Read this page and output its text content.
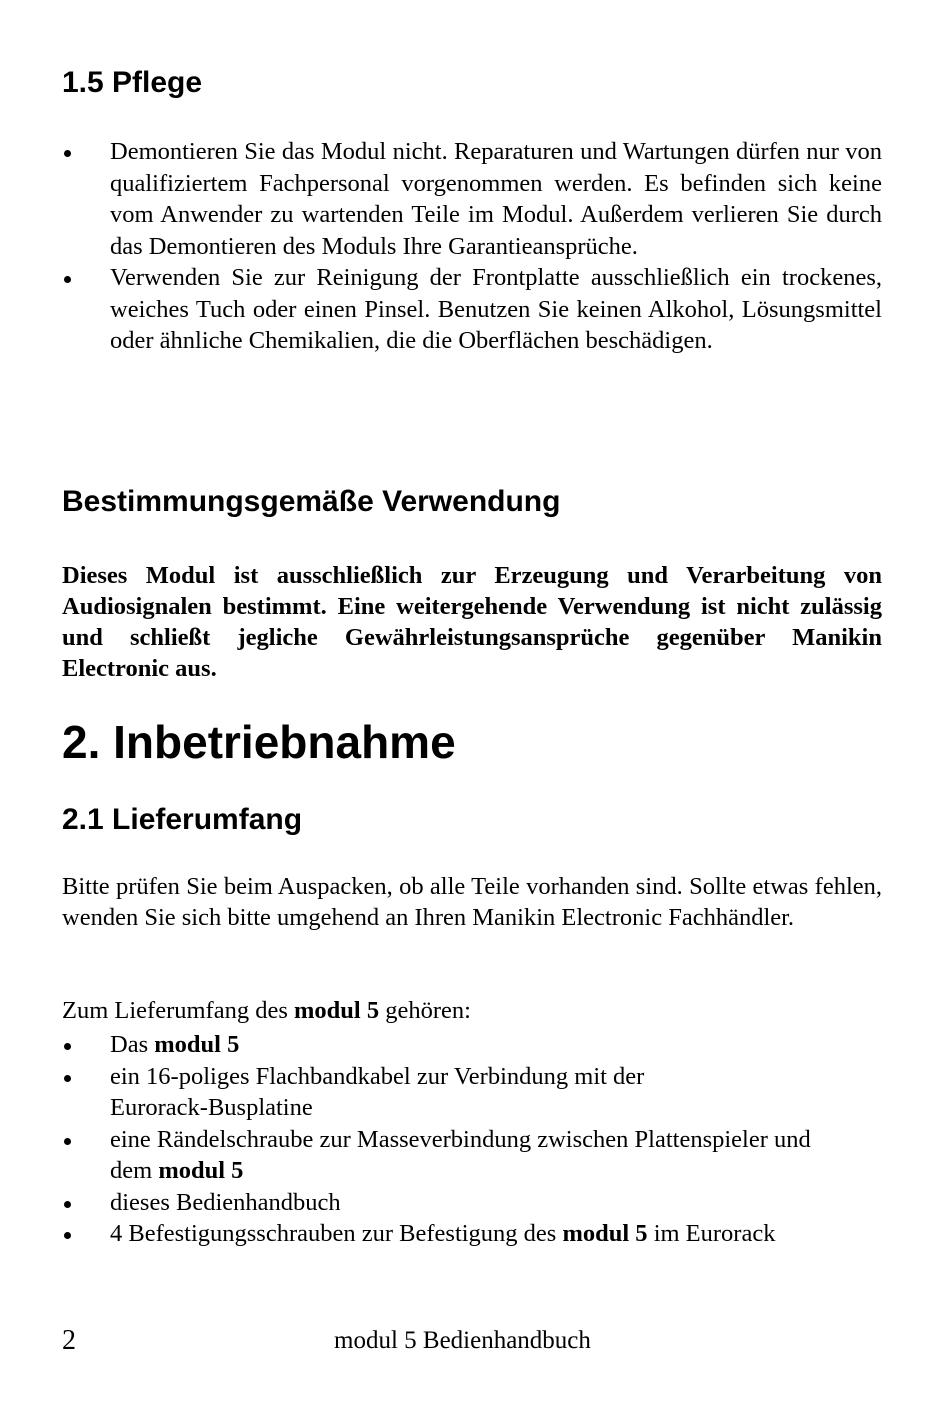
1.5 Pflege
Demontieren Sie das Modul nicht. Reparaturen und Wartungen dürfen nur von qualifiziertem Fachpersonal vorgenommen werden. Es befinden sich keine vom Anwender zu wartenden Teile im Modul. Außerdem verlieren Sie durch das Demontieren des Moduls Ihre Garantieansprüche.
Verwenden Sie zur Reinigung der Frontplatte ausschließlich ein trockenes, weiches Tuch oder einen Pinsel. Benutzen Sie keinen Alkohol, Lösungsmittel oder ähnliche Chemikalien, die die Oberflächen beschädigen.
Bestimmungsgemäße Verwendung

Dieses Modul ist ausschließlich zur Erzeugung und Verarbeitung von Audiosignalen bestimmt. Eine weitergehende Verwendung ist nicht zulässig und schließt jegliche Gewährleistungsansprüche gegenüber Manikin Electronic aus.

2. Inbetriebnahme
2.1 Lieferumfang

Bitte prüfen Sie beim Auspacken, ob alle Teile vorhanden sind. Sollte etwas fehlen, wenden Sie sich bitte umgehend an Ihren Manikin Electronic Fachhändler.

Zum Lieferumfang des modul 5 gehören:

Das modul 5
ein 16-poliges Flachbandkabel zur Verbindung mit der
Eurorack-Busplatine
eine Rändelschraube zur Masseverbindung zwischen Plattenspieler und
dem modul 5
dieses Bedienhandbuch
4 Befestigungsschrauben zur Befestigung des modul 5 im Eurorack
2	modul 5 Bedienhandbuch
